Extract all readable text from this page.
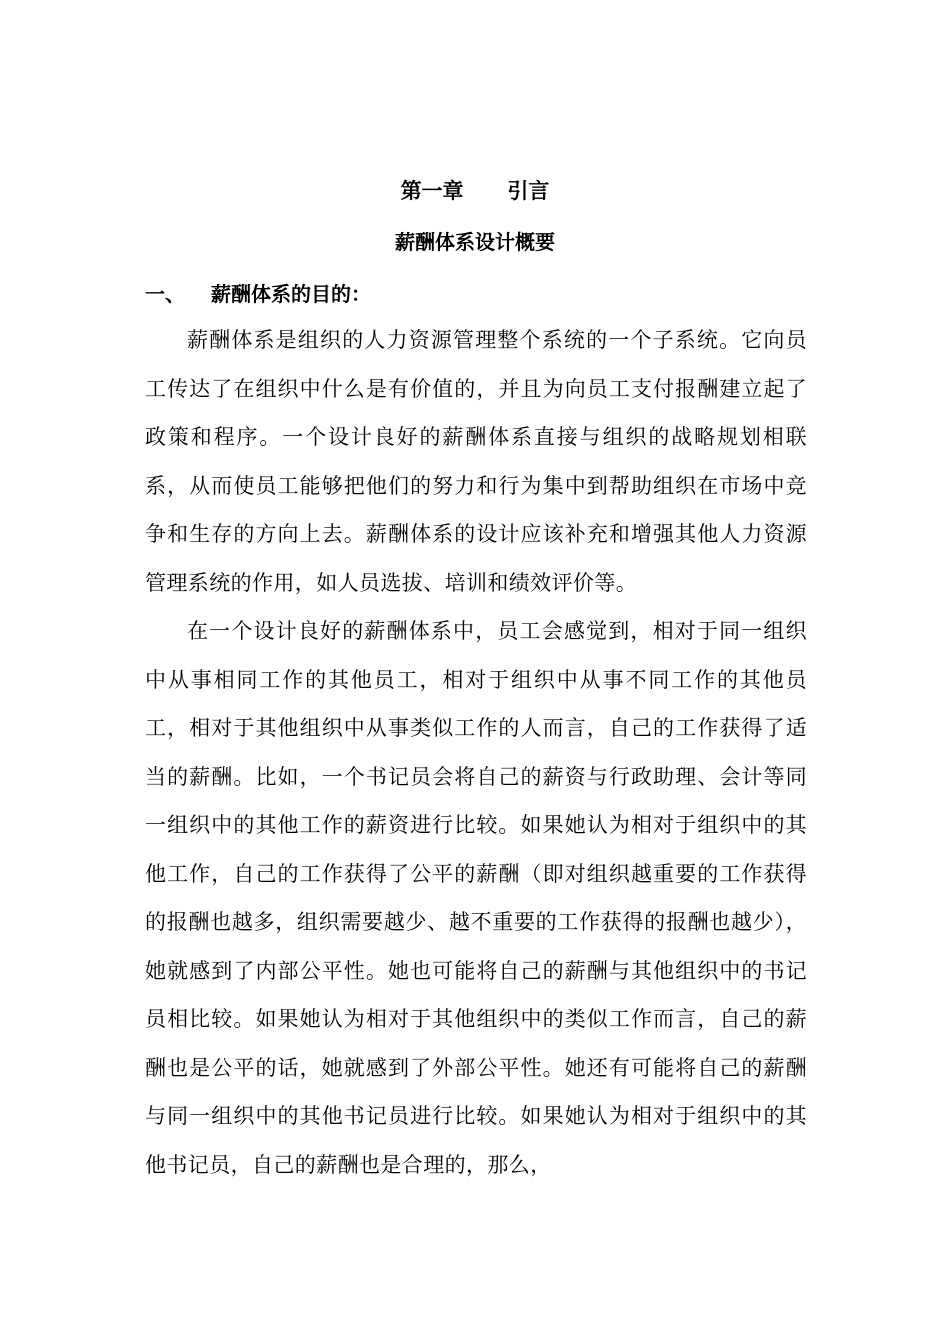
第一章      引言
薪酬体系设计概要
一、 薪酬体系的目的：

薪酬体系是组织的人力资源管理整个系统的一个子系统。它向员工传达了在组织中什么是有价值的，并且为向员工支付报酬建立起了政策和程序。一个设计良好的薪酬体系直接与组织的战略规划相联系，从而使员工能够把他们的努力和行为集中到帮助组织在市场中竞争和生存的方向上去。薪酬体系的设计应该补充和增强其他人力资源管理系统的作用，如人员选拔、培训和绩效评价等。

在一个设计良好的薪酬体系中，员工会感觉到，相对于同一组织中从事相同工作的其他员工，相对于组织中从事不同工作的其他员工，相对于其他组织中从事类似工作的人而言，自己的工作获得了适当的薪酬。比如，一个书记员会将自己的薪资与行政助理、会计等同一组织中的其他工作的薪资进行比较。如果她认为相对于组织中的其他工作，自己的工作获得了公平的薪酬（即对组织越重要的工作获得的报酬也越多，组织需要越少、越不重要的工作获得的报酬也越少），她就感到了内部公平性。她也可能将自己的薪酬与其他组织中的书记员相比较。如果她认为相对于其他组织中的类似工作而言，自己的薪酬也是公平的话，她就感到了外部公平性。她还有可能将自己的薪酬与同一组织中的其他书记员进行比较。如果她认为相对于组织中的其他书记员，自己的薪酬也是合理的，那么，
